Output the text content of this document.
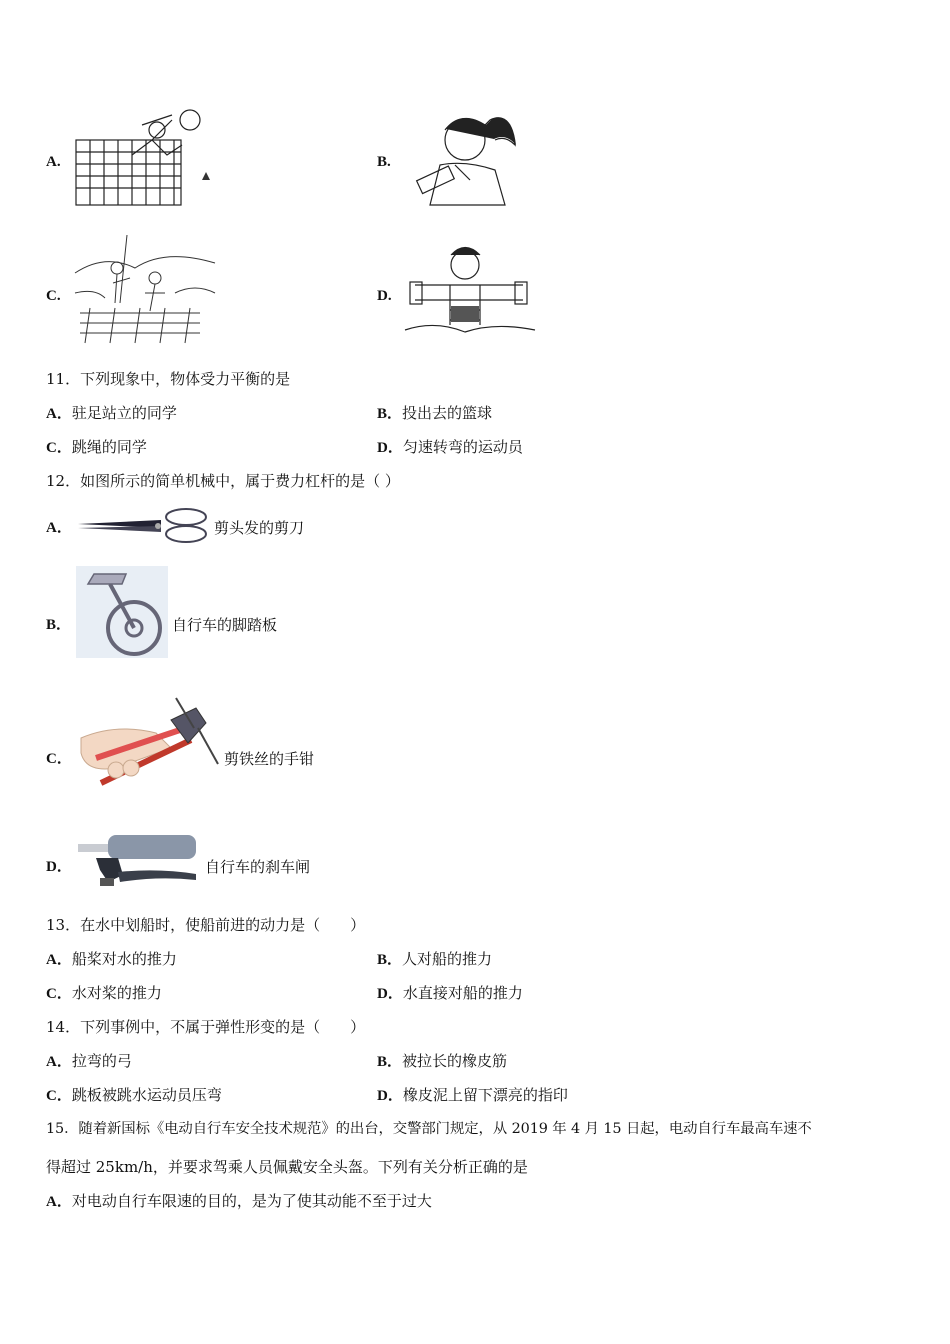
A.	B.
C.	D.
11．下列现象中，物体受力平衡的是
A．驻足站立的同学	B．投出去的篮球
C．跳绳的同学	D．匀速转弯的运动员
12．如图所示的简单机械中，属于费力杠杆的是（ ）
A．	剪头发的剪刀
B．	自行车的脚踏板
C．	剪铁丝的手钳
D．	自行车的刹车闸
13．在水中划船时，使船前进的动力是（　　）
A．船桨对水的推力	B．人对船的推力
C．水对桨的推力	D．水直接对船的推力
14．下列事例中，不属于弹性形变的是（　　）
A．拉弯的弓	B．被拉长的橡皮筋
C．跳板被跳水运动员压弯	D．橡皮泥上留下漂亮的指印
15．随着新国标《电动自行车安全技术规范》的出台，交警部门规定，从 2019 年 4 月 15 日起，电动自行车最高车速不
得超过 25km/h，并要求驾乘人员佩戴安全头盔。下列有关分析正确的是
A．对电动自行车限速的目的，是为了使其动能不至于过大
